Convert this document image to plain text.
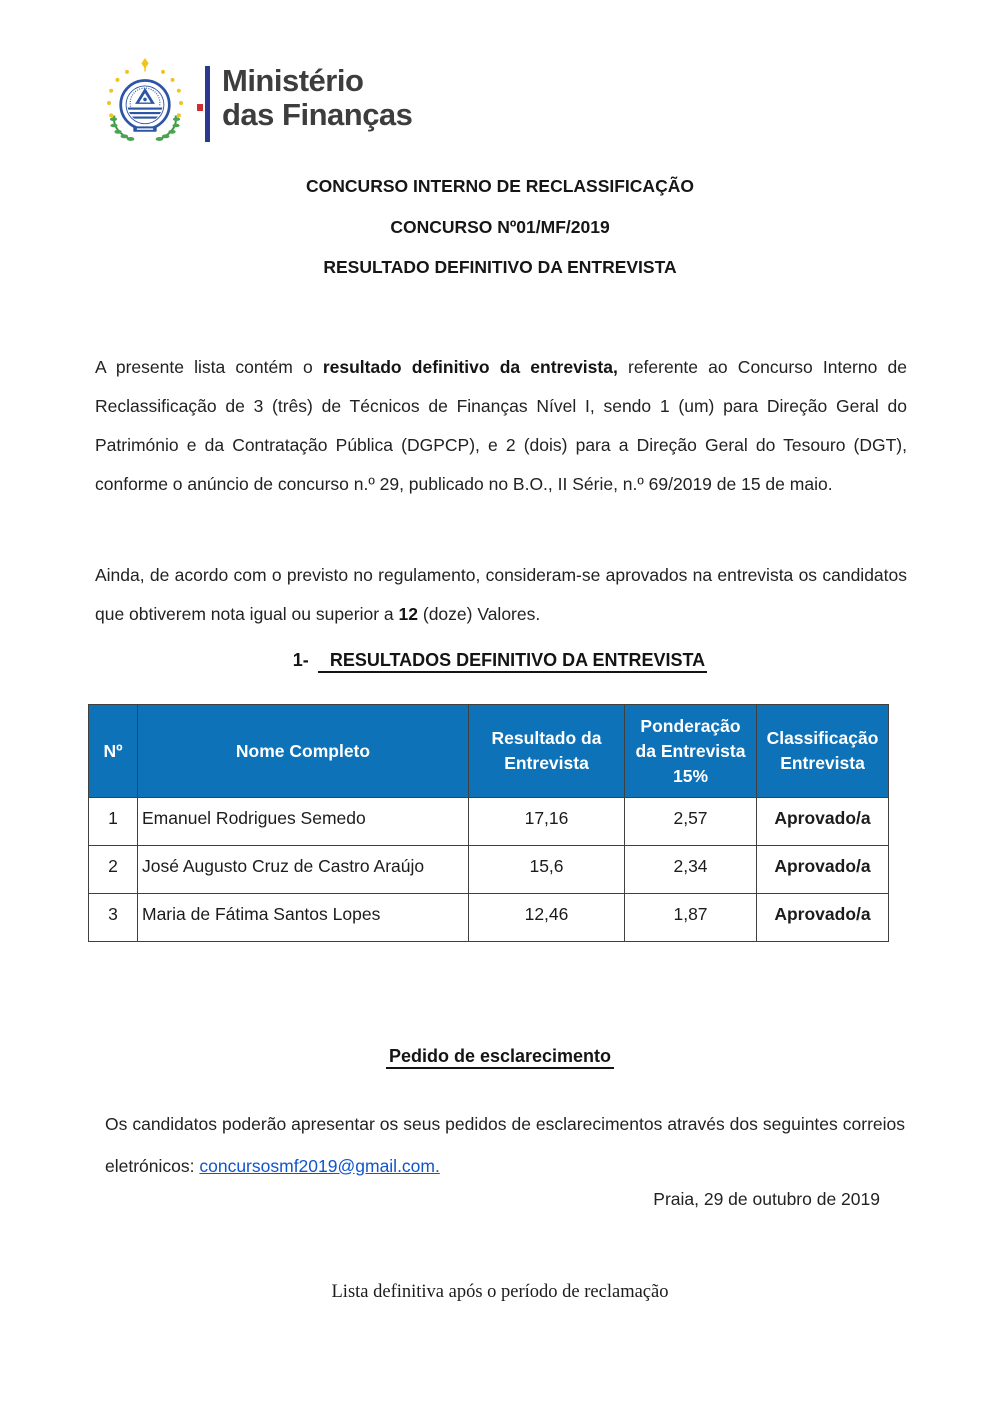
Ministério
das Finanças
CONCURSO INTERNO DE RECLASSIFICAÇÃO
CONCURSO Nº01/MF/2019
RESULTADO DEFINITIVO DA ENTREVISTA

A presente lista contém o resultado definitivo da entrevista, referente ao Concurso Interno de Reclassificação de 3 (três) de Técnicos de Finanças Nível I, sendo 1 (um) para Direção Geral do Património e da Contratação Pública (DGPCP), e 2 (dois) para a Direção Geral do Tesouro (DGT), conforme o anúncio de concurso n.º 29, publicado no B.O., II Série, n.º 69/2019 de 15 de maio.

Ainda, de acordo com o previsto no regulamento, consideram-se aprovados na entrevista os candidatos que obtiverem nota igual ou superior a 12 (doze) Valores.

1- RESULTADOS DEFINITIVO DA ENTREVISTA
Nº	Nome Completo	Resultado da Entrevista	Ponderação da Entrevista 15%	Classificação Entrevista
1	Emanuel Rodrigues Semedo	17,16	2,57	Aprovado/a
2	José Augusto Cruz de Castro Araújo	15,6	2,34	Aprovado/a
3	Maria de Fátima Santos Lopes	12,46	1,87	Aprovado/a
Pedido de esclarecimento

Os candidatos poderão apresentar os seus pedidos de esclarecimentos através dos seguintes correios eletrónicos: concursosmf2019@gmail.com.

Praia, 29 de outubro de 2019
Lista definitiva após o período de reclamação
